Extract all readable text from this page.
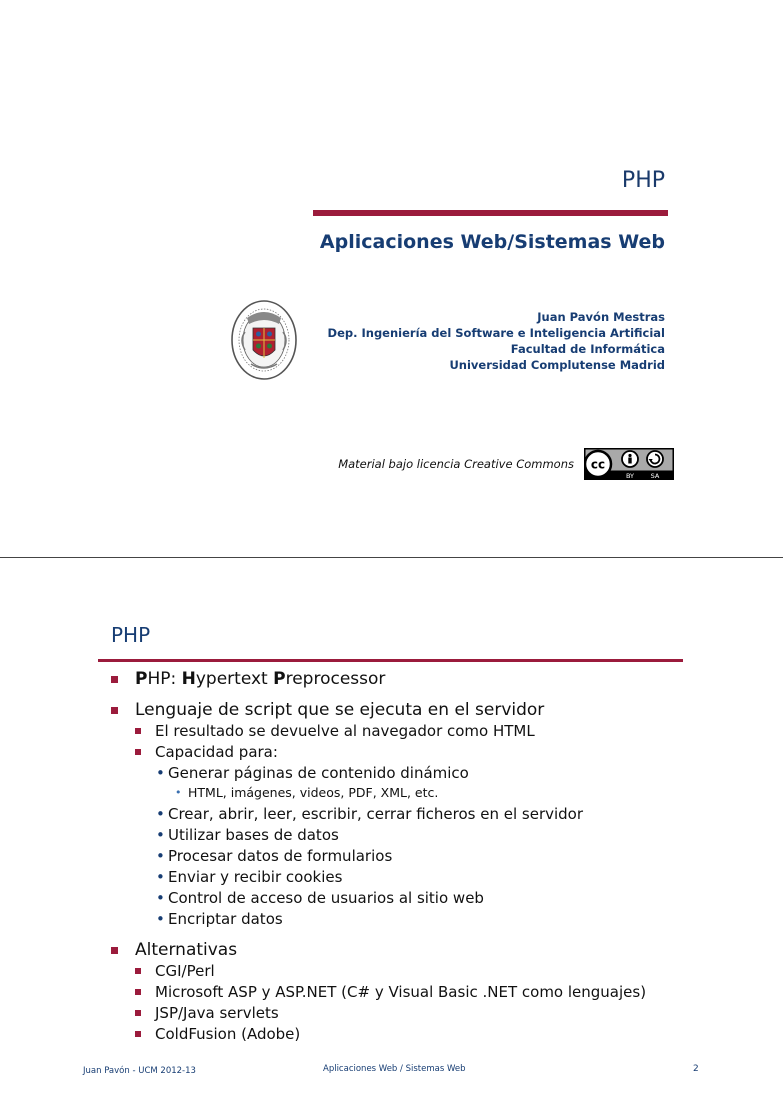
PHP
Aplicaciones Web/Sistemas Web
Juan Pavón Mestras
Dep. Ingeniería del Software e Inteligencia Artificial
Facultad de Informática
Universidad Complutense Madrid
Material bajo licencia Creative Commons cc
BY	SA
PHP
PHP: Hypertext Preprocessor
Lenguaje de script que se ejecuta en el servidor
El resultado se devuelve al navegador como HTML
Capacidad para:
• Generar páginas de contenido dinámico
• HTML, imágenes, videos, PDF, XML, etc.
• Crear, abrir, leer, escribir, cerrar ficheros en el servidor
• Utilizar bases de datos
• Procesar datos de formularios
• Enviar y recibir cookies
• Control de acceso de usuarios al sitio web
• Encriptar datos
Alternativas
CGI/Perl
Microsoft ASP y ASP.NET (C# y Visual Basic .NET como lenguajes)
JSP/Java servlets
ColdFusion (Adobe)
Juan Pavón - UCM 2012-13	Aplicaciones Web / Sistemas Web	2
